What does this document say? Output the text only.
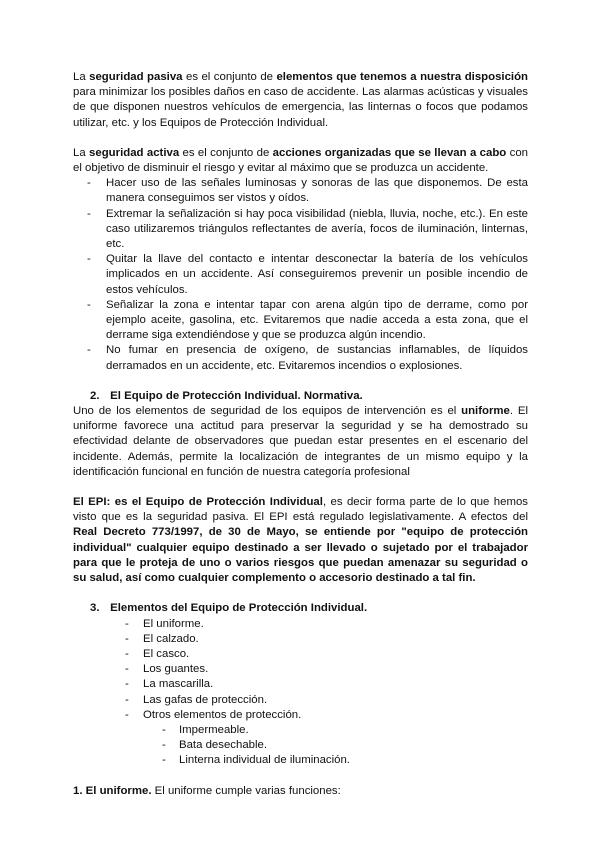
La seguridad pasiva es el conjunto de elementos que tenemos a nuestra disposición para minimizar los posibles daños en caso de accidente. Las alarmas acústicas y visuales de que disponen nuestros vehículos de emergencia, las linternas o focos que podamos utilizar, etc. y los Equipos de Protección Individual.

La seguridad activa es el conjunto de acciones organizadas que se llevan a cabo con el objetivo de disminuir el riesgo y evitar al máximo que se produzca un accidente.

- Hacer uso de las señales luminosas y sonoras de las que disponemos. De esta manera conseguimos ser vistos y oídos.
- Extremar la señalización si hay poca visibilidad (niebla, lluvia, noche, etc.). En este caso utilizaremos triángulos reflectantes de avería, focos de iluminación, linternas, etc.
- Quitar la llave del contacto e intentar desconectar la batería de los vehículos implicados en un accidente. Así conseguiremos prevenir un posible incendio de estos vehículos.
- Señalizar la zona e intentar tapar con arena algún tipo de derrame, como por ejemplo aceite, gasolina, etc. Evitaremos que nadie acceda a esta zona, que el derrame siga extendiéndose y que se produzca algún incendio.
- No fumar en presencia de oxígeno, de sustancias inflamables, de líquidos derramados en un accidente, etc. Evitaremos incendios o explosiones.
2. El Equipo de Protección Individual. Normativa.

Uno de los elementos de seguridad de los equipos de intervención es el uniforme. El uniforme favorece una actitud para preservar la seguridad y se ha demostrado su efectividad delante de observadores que puedan estar presentes en el escenario del incidente. Además, permite la localización de integrantes de un mismo equipo y la identificación funcional en función de nuestra categoría profesional

El EPI: es el Equipo de Protección Individual, es decir forma parte de lo que hemos visto que es la seguridad pasiva. El EPI está regulado legislativamente. A efectos del Real Decreto 773/1997, de 30 de Mayo, se entiende por "equipo de protección individual" cualquier equipo destinado a ser llevado o sujetado por el trabajador para que le proteja de uno o varios riesgos que puedan amenazar su seguridad o su salud, así como cualquier complemento o accesorio destinado a tal fin.

3. Elementos del Equipo de Protección Individual.
- El uniforme.
- El calzado.
- El casco.
- Los guantes.
- La mascarilla.
- Las gafas de protección.
- Otros elementos de protección.
- Impermeable.
- Bata desechable.
- Linterna individual de iluminación.

1. El uniforme. El uniforme cumple varias funciones:
